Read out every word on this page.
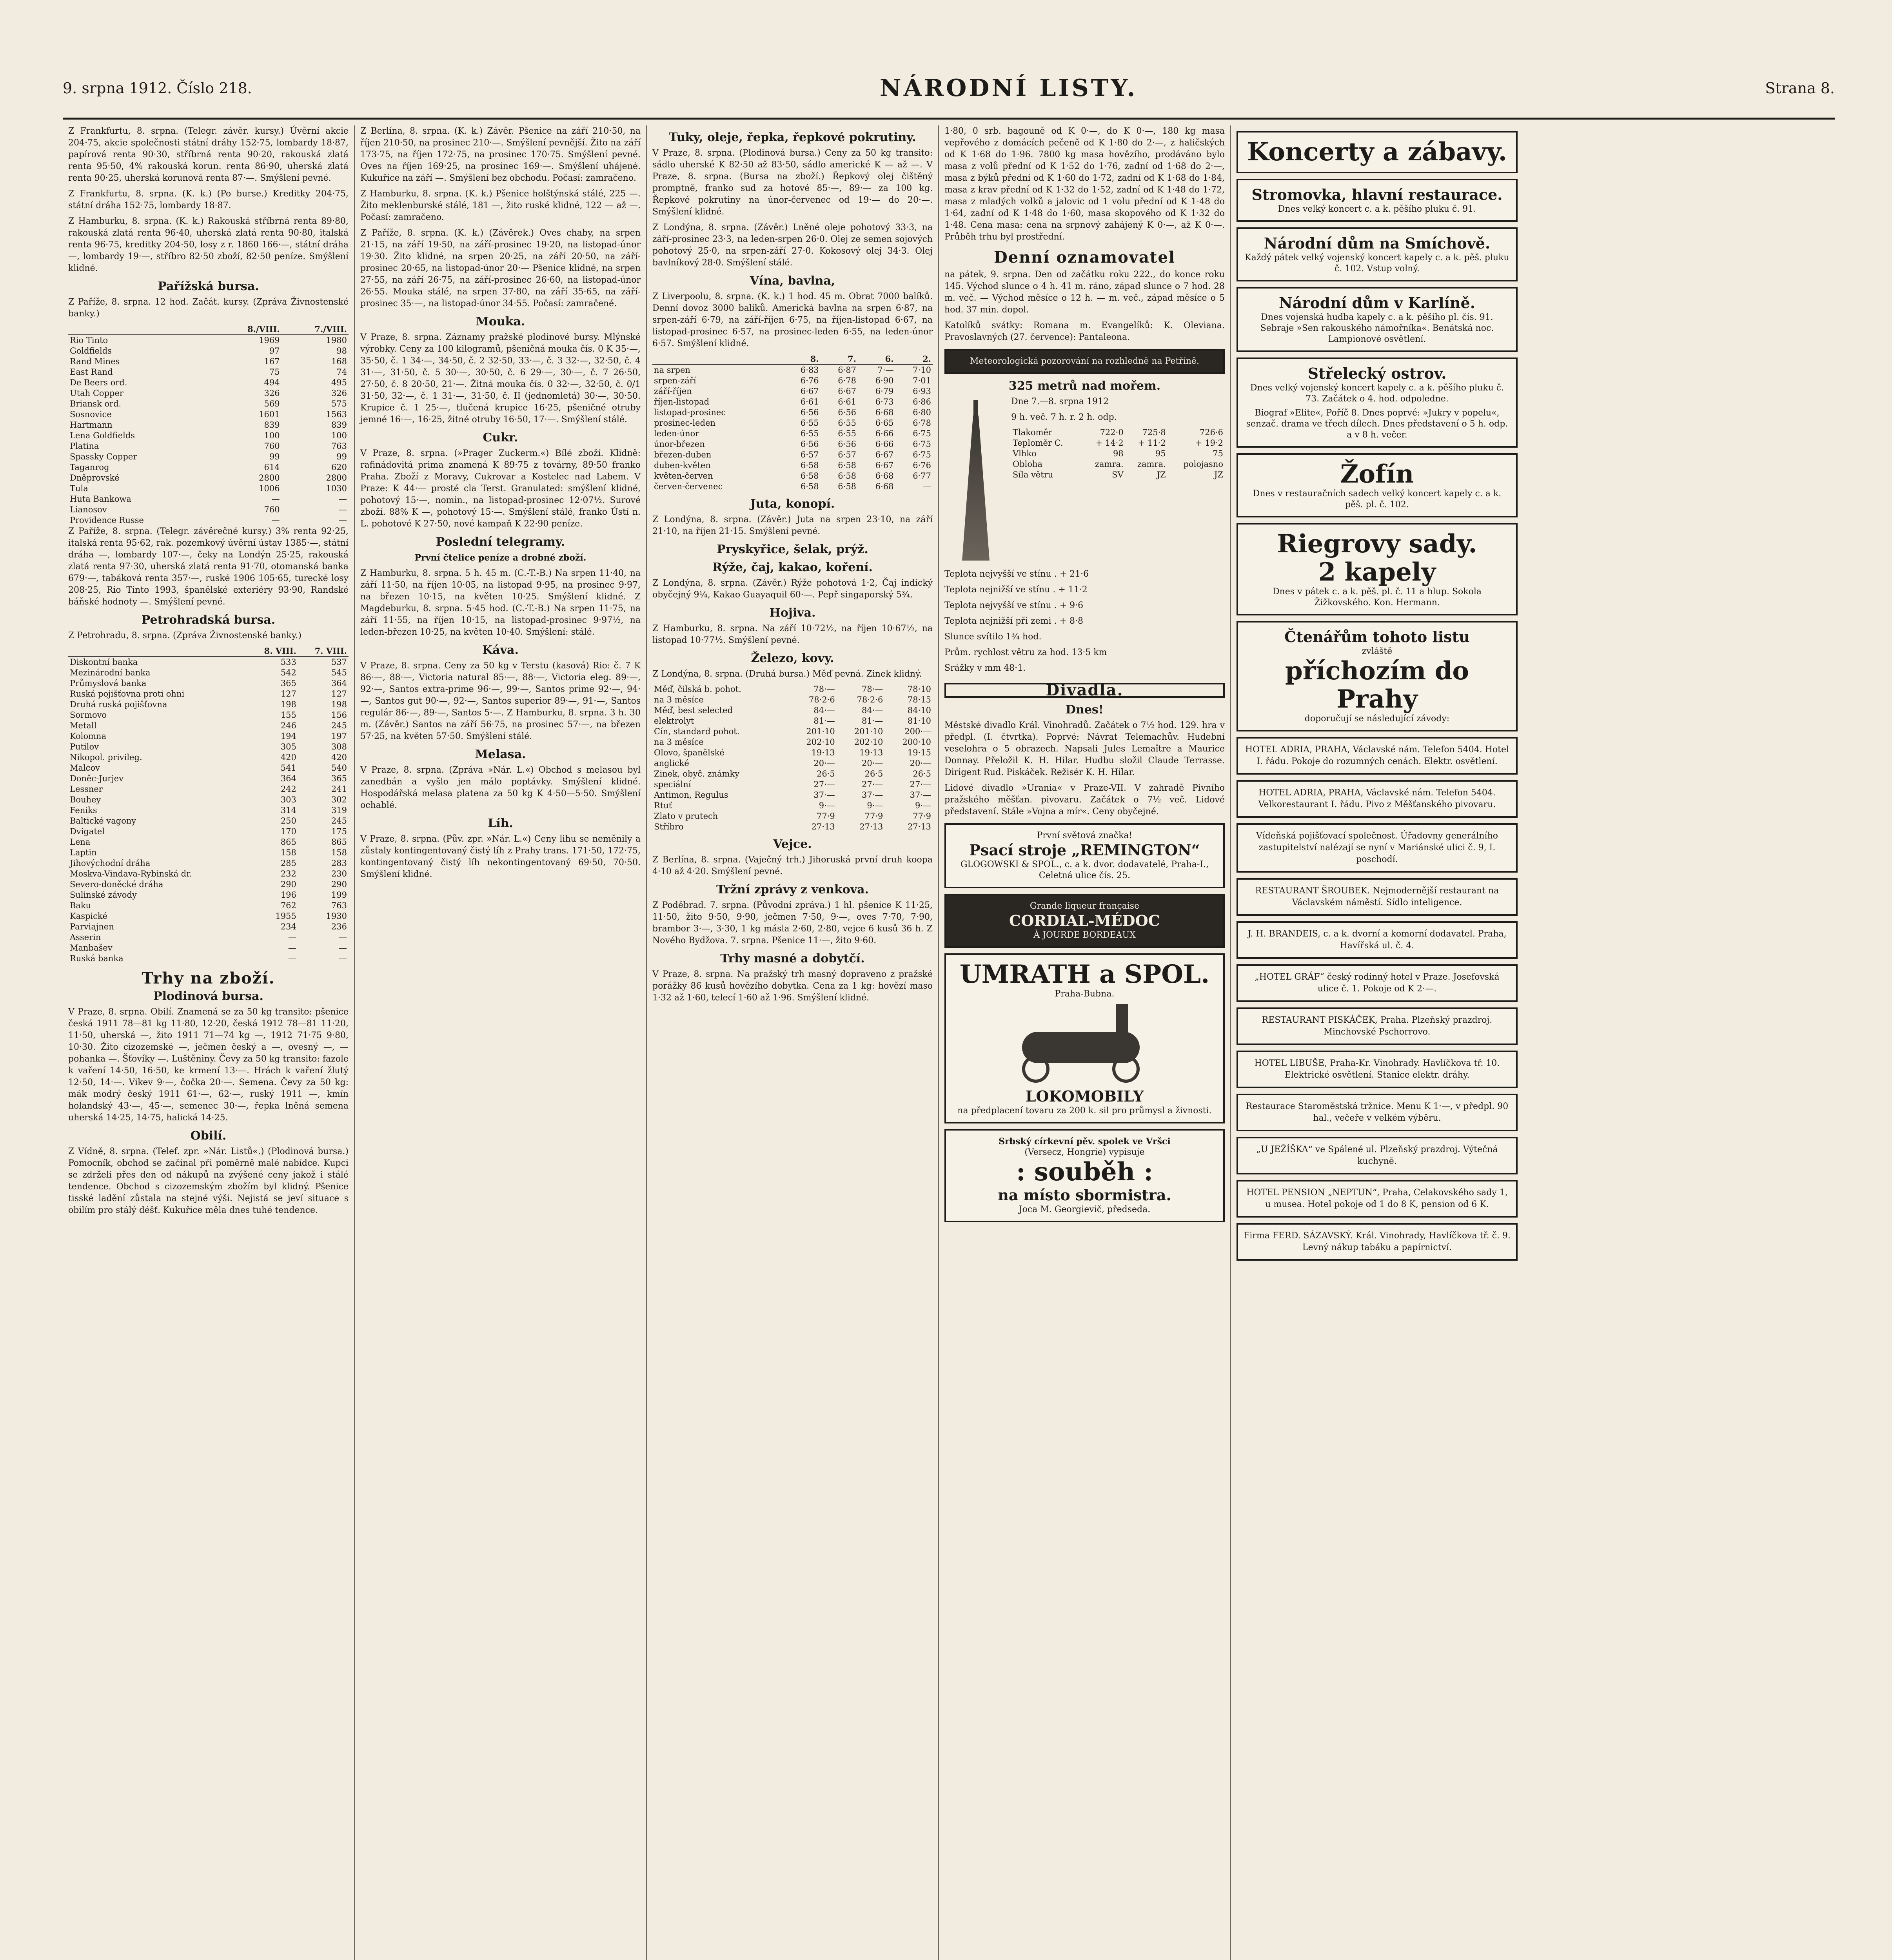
9. srpna 1912. Číslo 218.	NÁRODNÍ LISTY.	Strana 8.

Z Frankfurtu, 8. srpna. (Telegr. závěr. kursy.) Úvěrní akcie 204·75, akcie společnosti státní dráhy 152·75, lombardy 18·87, papírová renta 90·30, stříbrná renta 90·20, rakouská zlatá renta 95·50, 4% rakouská korun. renta 86·90, uherská zlatá renta 90·25, uherská korunová renta 87·—. Smýšlení pevné.

Z Frankfurtu, 8. srpna. (K. k.) (Po burse.) Kreditky 204·75, státní dráha 152·75, lombardy 18·87.

Z Hamburku, 8. srpna. (K. k.) Rakouská stříbrná renta 89·80, rakouská zlatá renta 96·40, uherská zlatá renta 90·80, italská renta 96·75, kreditky 204·50, losy z r. 1860 166·—, státní dráha —, lombardy 19·—, stříbro 82·50 zboží, 82·50 peníze. Smýšlení klidné.

Pařížská bursa.

Z Paříže, 8. srpna. 12 hod. Začát. kursy. (Zpráva Živnostenské banky.)

	8./VIII.	7./VIII.
Rio Tinto	1969	1980
Goldfields	97	98
Rand Mines	167	168
East Rand	75	74
De Beers ord.	494	495
Utah Copper	326	326
Briansk ord.	569	575
Sosnovice	1601	1563
Hartmann	839	839
Lena Goldfields	100	100
Platina	760	763
Spassky Copper	99	99
Taganrog	614	620
Dněprovské	2800	2800
Tula	1006	1030
Huta Bankowa	—	—
Lianosov	760	—
Providence Russe	—	—

Z Paříže, 8. srpna. (Telegr. závěrečné kursy.) 3% renta 92·25, italská renta 95·62, rak. pozemkový úvěrní ústav 1385·—, státní dráha —, lombardy 107·—, čeky na Londýn 25·25, rakouská zlatá renta 97·30, uherská zlatá renta 91·70, otomanská banka 679·—, tabáková renta 357·—, ruské 1906 105·65, turecké losy 208·25, Rio Tinto 1993, španělské exteriéry 93·90, Randské báňské hodnoty —. Smýšlení pevné.

Petrohradská bursa.

Z Petrohradu, 8. srpna. (Zpráva Živnostenské banky.)

	8. VIII.	7. VIII.
Diskontní banka	533	537
Mezinárodní banka	542	545
Průmyslová banka	365	364
Ruská pojišťovna proti ohni	127	127
Druhá ruská pojišťovna	198	198
Sormovo	155	156
Metall	246	245
Kolomna	194	197
Putilov	305	308
Nikopol. privileg.	420	420
Malcov	541	540
Doněc-Jurjev	364	365
Lessner	242	241
Bouhey	303	302
Feniks	314	319
Baltické vagony	250	245
Dvigatel	170	175
Lena	865	865
Laptin	158	158
Jihovýchodní dráha	285	283
Moskva-Vindava-Rybinská dr.	232	230
Severo-doněcké dráha	290	290
Sulinské závody	196	199
Baku	762	763
Kaspické	1955	1930
Parviajnen	234	236
Asserin	—	—
Manbašev	—	—
Ruská banka	—	—
Trhy na zboží.
Plodinová bursa.

V Praze, 8. srpna. Obilí. Znamená se za 50 kg transito: pšenice česká 1911 78—81 kg 11·80, 12·20, česká 1912 78—81 11·20, 11·50, uherská —, žito 1911 71—74 kg —, 1912 71·75 9·80, 10·30. Žito cizozemské —, ječmen český a —, ovesný —, — pohanka —. Šťovíky —. Luštěniny. Čevy za 50 kg transito: fazole k vaření 14·50, 16·50, ke krmení 13·—. Hrách k vaření žlutý 12·50, 14·—. Vikev 9·—, čočka 20·—. Semena. Čevy za 50 kg: mák modrý český 1911 61·—, 62·—, ruský 1911 —, kmín holandský 43·—, 45·—, semenec 30·—, řepka lněná semena uherská 14·25, 14·75, halická 14·25.

Obilí.

Z Vídně, 8. srpna. (Telef. zpr. »Nár. Listů«.) (Plodinová bursa.) Pomocník, obchod se začínal při poměrně malé nabídce. Kupci se zdrželi přes den od nákupů na zvýšené ceny jakož i stálé tendence. Obchod s cizozemským zbožím byl klidný. Pšenice tisské ladění zůstala na stejné výši. Nejistá se jeví situace s obilím pro stálý déšť. Kukuřice měla dnes tuhé tendence.

Z Berlína, 8. srpna. (K. k.) Závěr. Pšenice na září 210·50, na říjen 210·50, na prosinec 210·—. Smýšlení pevnější. Žito na září 173·75, na říjen 172·75, na prosinec 170·75. Smýšlení pevné. Oves na říjen 169·25, na prosinec 169·—. Smýšlení uhájené. Kukuřice na září —. Smýšlení bez obchodu. Počasí: zamračeno.

Z Hamburku, 8. srpna. (K. k.) Pšenice holštýnská stálé, 225 —. Žito meklenburské stálé, 181 —, žito ruské klidné, 122 — až —. Počasí: zamračeno.

Z Paříže, 8. srpna. (K. k.) (Závěrek.) Oves chaby, na srpen 21·15, na září 19·50, na září-prosinec 19·20, na listopad-únor 19·30. Žito klidné, na srpen 20·25, na září 20·50, na září-prosinec 20·65, na listopad-únor 20·— Pšenice klidné, na srpen 27·55, na září 26·75, na září-prosinec 26·60, na listopad-únor 26·55. Mouka stálé, na srpen 37·80, na září 35·65, na září-prosinec 35·—, na listopad-únor 34·55. Počasí: zamračené.

Mouka.

V Praze, 8. srpna. Záznamy pražské plodinové bursy. Mlýnské výrobky. Ceny za 100 kilogramů, pšeničná mouka čís. 0 K 35·—, 35·50, č. 1 34·—, 34·50, č. 2 32·50, 33·—, č. 3 32·—, 32·50, č. 4 31·—, 31·50, č. 5 30·—, 30·50, č. 6 29·—, 30·—, č. 7 26·50, 27·50, č. 8 20·50, 21·—. Žitná mouka čís. 0 32·—, 32·50, č. 0/1 31·50, 32·—, č. 1 31·—, 31·50, č. II (jednomletá) 30·—, 30·50. Krupice č. 1 25·—, tlučená krupice 16·25, pšeničné otruby jemné 16·—, 16·25, žitné otruby 16·50, 17·—. Smýšlení stálé.

Cukr.

V Praze, 8. srpna. (»Prager Zuckerm.«) Bílé zboží. Klidně: rafinádovitá prima znamená K 89·75 z továrny, 89·50 franko Praha. Zboží z Moravy, Cukrovar a Kostelec nad Labem. V Praze: K 44·— prosté cla Terst. Granulated: smýšlení klidné, pohotový 15·—, nomin., na listopad-prosinec 12·07½. Surové zboží. 88% K —, pohotový 15·—. Smýšlení stálé, franko Ústí n. L. pohotové K 27·50, nové kampaň K 22·90 peníze.

Poslední telegramy.

První čtelice peníze a drobné zboží.

Z Hamburku, 8. srpna. 5 h. 45 m. (C.-T.-B.) Na srpen 11·40, na září 11·50, na říjen 10·05, na listopad 9·95, na prosinec 9·97, na březen 10·15, na květen 10·25. Smýšlení klidné. Z Magdeburku, 8. srpna. 5·45 hod. (C.-T.-B.) Na srpen 11·75, na září 11·55, na říjen 10·15, na listopad-prosinec 9·97½, na leden-březen 10·25, na květen 10·40. Smýšlení: stálé.

Káva.

V Praze, 8. srpna. Ceny za 50 kg v Terstu (kasová) Rio: č. 7 K 86·—, 88·—, Victoria natural 85·—, 88·—, Victoria eleg. 89·—, 92·—, Santos extra-prime 96·—, 99·—, Santos prime 92·—, 94·—, Santos gut 90·—, 92·—, Santos superior 89·—, 91·—, Santos regulár 86·—, 89·—, Santos 5·—. Z Hamburku, 8. srpna. 3 h. 30 m. (Závěr.) Santos na září 56·75, na prosinec 57·—, na březen 57·25, na květen 57·50. Smýšlení stálé.

Melasa.

V Praze, 8. srpna. (Zpráva »Nár. L.«) Obchod s melasou byl zanedbán a vyšlo jen málo poptávky. Smýšlení klidné. Hospodářská melasa platena za 50 kg K 4·50—5·50. Smýšlení ochablé.

Líh.

V Praze, 8. srpna. (Pův. zpr. »Nár. L.«) Ceny lihu se neměnily a zůstaly kontingentovaný čistý líh z Prahy trans. 171·50, 172·75, kontingentovaný čistý líh nekontingentovaný 69·50, 70·50. Smýšlení klidné.

Tuky, oleje, řepka, řepkové pokrutiny.

V Praze, 8. srpna. (Plodinová bursa.) Ceny za 50 kg transito: sádlo uherské K 82·50 až 83·50, sádlo americké K — až —. V Praze, 8. srpna. (Bursa na zboží.) Řepkový olej čištěný promptně, franko sud za hotové 85·—, 89·— za 100 kg. Řepkové pokrutiny na únor-červenec od 19·— do 20·—. Smýšlení klidné.

Z Londýna, 8. srpna. (Závěr.) Lněné oleje pohotový 33·3, na září-prosinec 23·3, na leden-srpen 26·0. Olej ze semen sojových pohotový 25·0, na srpen-září 27·0. Kokosový olej 34·3. Olej bavlníkový 28·0. Smýšlení stálé.

Vína, bavlna,

Z Liverpoolu, 8. srpna. (K. k.) 1 hod. 45 m. Obrat 7000 balíků. Denní dovoz 3000 balíků. Americká bavlna na srpen 6·87, na srpen-září 6·79, na září-říjen 6·75, na říjen-listopad 6·67, na listopad-prosinec 6·57, na prosinec-leden 6·55, na leden-únor 6·57. Smýšlení klidné.

	8.	7.	6.	2.
na srpen	6·83	6·87	7·—	7·10
srpen-září	6·76	6·78	6·90	7·01
září-říjen	6·67	6·67	6·79	6·93
říjen-listopad	6·61	6·61	6·73	6·86
listopad-prosinec	6·56	6·56	6·68	6·80
prosinec-leden	6·55	6·55	6·65	6·78
leden-únor	6·55	6·55	6·66	6·75
únor-březen	6·56	6·56	6·66	6·75
březen-duben	6·57	6·57	6·67	6·75
duben-květen	6·58	6·58	6·67	6·76
květen-červen	6·58	6·58	6·68	6·77
červen-červenec	6·58	6·58	6·68	—
Juta, konopí.

Z Londýna, 8. srpna. (Závěr.) Juta na srpen 23·10, na září 21·10, na říjen 21·15. Smýšlení pevné.

Pryskyřice, šelak, prýž.
Rýže, čaj, kakao, koření.

Z Londýna, 8. srpna. (Závěr.) Rýže pohotová 1·2, Čaj indický obyčejný 9¼, Kakao Guayaquil 60·—. Pepř singaporský 5¾.

Hojiva.

Z Hamburku, 8. srpna. Na září 10·72½, na říjen 10·67½, na listopad 10·77½. Smýšlení pevné.

Železo, kovy.

Z Londýna, 8. srpna. (Druhá bursa.) Měď pevná. Zinek klidný.

Měď, čilská b. pohot.	78·—	78·—	78·10
na 3 měsíce	78·2·6	78·2·6	78·15
Měď, best selected	84·—	84·—	84·10
elektrolyt	81·—	81·—	81·10
Cín, standard pohot.	201·10	201·10	200·—
na 3 měsíce	202·10	202·10	200·10
Olovo, španělské	19·13	19·13	19·15
anglické	20·—	20·—	20·—
Zinek, obyč. známky	26·5	26·5	26·5
speciální	27·—	27·—	27·—
Antimon, Regulus	37·—	37·—	37·—
Rtuť	9·—	9·—	9·—
Zlato v prutech	77·9	77·9	77·9
Stříbro	27·13	27·13	27·13
Vejce.

Z Berlína, 8. srpna. (Vaječný trh.) Jihoruská první druh koopa 4·10 až 4·20. Smýšlení pevné.

Tržní zprávy z venkova.

Z Poděbrad. 7. srpna. (Původní zpráva.) 1 hl. pšenice K 11·25, 11·50, žito 9·50, 9·90, ječmen 7·50, 9·—, oves 7·70, 7·90, brambor 3·—, 3·30, 1 kg másla 2·60, 2·80, vejce 6 kusů 36 h. Z Nového Bydžova. 7. srpna. Pšenice 11·—, žito 9·60.

Trhy masné a dobytčí.

V Praze, 8. srpna. Na pražský trh masný dopraveno z pražské porážky 86 kusů hovězího dobytka. Cena za 1 kg: hovězí maso 1·32 až 1·60, telecí 1·60 až 1·96. Smýšlení klidné.

1·80, 0 srb. bagouně od K 0·—, do K 0·—, 180 kg masa vepřového z domácích pečeně od K 1·80 do 2·—, z haličských od K 1·68 do 1·96. 7800 kg masa hovězího, prodáváno bylo masa z volů přední od K 1·52 do 1·76, zadní od 1·68 do 2·—, masa z býků přední od K 1·60 do 1·72, zadní od K 1·68 do 1·84, masa z krav přední od K 1·32 do 1·52, zadní od K 1·48 do 1·72, masa z mladých volků a jalovic od 1 volu přední od K 1·48 do 1·64, zadní od K 1·48 do 1·60, masa skopového od K 1·32 do 1·48. Cena masa: cena na srpnový zahájený K 0·—, až K 0·—. Průběh trhu byl prostřední.

Denní oznamovatel

na pátek, 9. srpna. Den od začátku roku 222., do konce roku 145. Východ slunce o 4 h. 41 m. ráno, západ slunce o 7 hod. 28 m. več. — Východ měsíce o 12 h. — m. več., západ měsíce o 5 hod. 37 min. dopol.

Katolíků svátky: Romana m. Evangelíků: K. Oleviana. Pravoslavných (27. července): Pantaleona.

Meteorologická pozorování na rozhledně na Petříně.
325 metrů nad mořem.

Dne 7.—8. srpna 1912

9 h. več. 7 h. r. 2 h. odp.

Tlakoměr	722·0	725·8	726·6
Teploměr C.	+ 14·2	+ 11·2	+ 19·2
Vlhko	98	95	75
Obloha	zamra.	zamra.	polojasno
Síla větru	SV	JZ	JZ
Teplota nejvyšší ve stínu . + 21·6
Teplota nejnižší ve stínu . + 11·2
Teplota nejvyšší ve stínu . + 9·6
Teplota nejnižší při zemi . + 8·8
Slunce svítilo 1¾ hod.
Prům. rychlost větru za hod. 13·5 km
Srážky v mm 48·1.
Divadla.
Dnes!

Městské divadlo Král. Vinohradů. Začátek o 7½ hod. 129. hra v předpl. (I. čtvrtka). Poprvé: Návrat Telemachův. Hudební veselohra o 5 obrazech. Napsali Jules Lemaître a Maurice Donnay. Přeložil K. H. Hilar. Hudbu složil Claude Terrasse. Dirigent Rud. Piskáček. Režisér K. H. Hilar.

Lidové divadlo »Urania« v Praze-VII. V zahradě Pivního pražského měšťan. pivovaru. Začátek o 7½ več. Lidové představení. Stále »Vojna a mír«. Ceny obyčejné.

První světová značka!
Psací stroje „REMINGTON“
GLOGOWSKI & SPOL., c. a k. dvor. dodavatelé, Praha-I., Celetná ulice čís. 25.
Grande liqueur française
CORDIAL-MÉDOC
À JOURDE BORDEAUX
UMRATH a SPOL.
Praha-Bubna.
LOKOMOBILY
na předplacení tovaru za 200 k. sil pro průmysl a živnosti.
Srbský církevní pěv. spolek ve Vršci
(Versecz, Hongrie) vypisuje
: souběh :
na místo sbormistra.
Joca M. Georgievič, předseda.
Koncerty a zábavy.
Stromovka, hlavní restaurace.
Dnes velký koncert c. a k. pěšího pluku č. 91.
Národní dům na Smíchově.
Každý pátek velký vojenský koncert kapely c. a k. pěš. pluku č. 102. Vstup volný.
Národní dům v Karlíně.
Dnes vojenská hudba kapely c. a k. pěšího pl. čís. 91. Sebraje »Sen rakouského námořníka«. Benátská noc. Lampionové osvětlení.
Střelecký ostrov.
Dnes velký vojenský koncert kapely c. a k. pěšího pluku č. 73. Začátek o 4. hod. odpoledne.
Biograf »Elite«, Poříč 8. Dnes poprvé: »Jukry v popelu«, senzač. drama ve třech dílech. Dnes představení o 5 h. odp. a v 8 h. večer.
Žofín
Dnes v restauračních sadech velký koncert kapely c. a k. pěš. pl. č. 102.
Riegrovy sady.
2 kapely
Dnes v pátek c. a k. pěš. pl. č. 11 a hlup. Sokola Žižkovského. Kon. Hermann.
Čtenářům tohoto listu
zvláště
příchozím do Prahy
doporučují se následující závody:
HOTEL ADRIA, PRAHA, Václavské nám. Telefon 5404. Hotel I. řádu. Pokoje do rozumných cenách. Elektr. osvětlení.
HOTEL ADRIA, PRAHA, Václavské nám. Telefon 5404. Velkorestaurant I. řádu. Pivo z Měšťanského pivovaru.
Vídeňská pojišťovací společnost. Úřadovny generálního zastupitelství nalézají se nyní v Mariánské ulici č. 9, I. poschodí.
RESTAURANT ŠROUBEK. Nejmodernější restaurant na Václavském náměstí. Sídlo inteligence.
J. H. BRANDEIS, c. a k. dvorní a komorní dodavatel. Praha, Havířská ul. č. 4.
„HOTEL GRÁF“ český rodinný hotel v Praze. Josefovská ulice č. 1. Pokoje od K 2·—.
RESTAURANT PISKÁČEK, Praha. Plzeňský prazdroj. Minchovské Pschorrovo.
HOTEL LIBUŠE, Praha-Kr. Vinohrady. Havlíčkova tř. 10. Elektrické osvětlení. Stanice elektr. dráhy.
Restaurace Staroměstská tržnice. Menu K 1·—, v předpl. 90 hal., večeře v velkém výběru.
„U JEŽÍŠKA“ ve Spálené ul. Plzeňský prazdroj. Výtečná kuchyně.
HOTEL PENSION „NEPTUN“, Praha, Celakovského sady 1, u musea. Hotel pokoje od 1 do 8 K, pension od 6 K.
Firma FERD. SÁZAVSKÝ. Král. Vinohrady, Havlíčkova tř. č. 9. Levný nákup tabáku a papírnictví.
